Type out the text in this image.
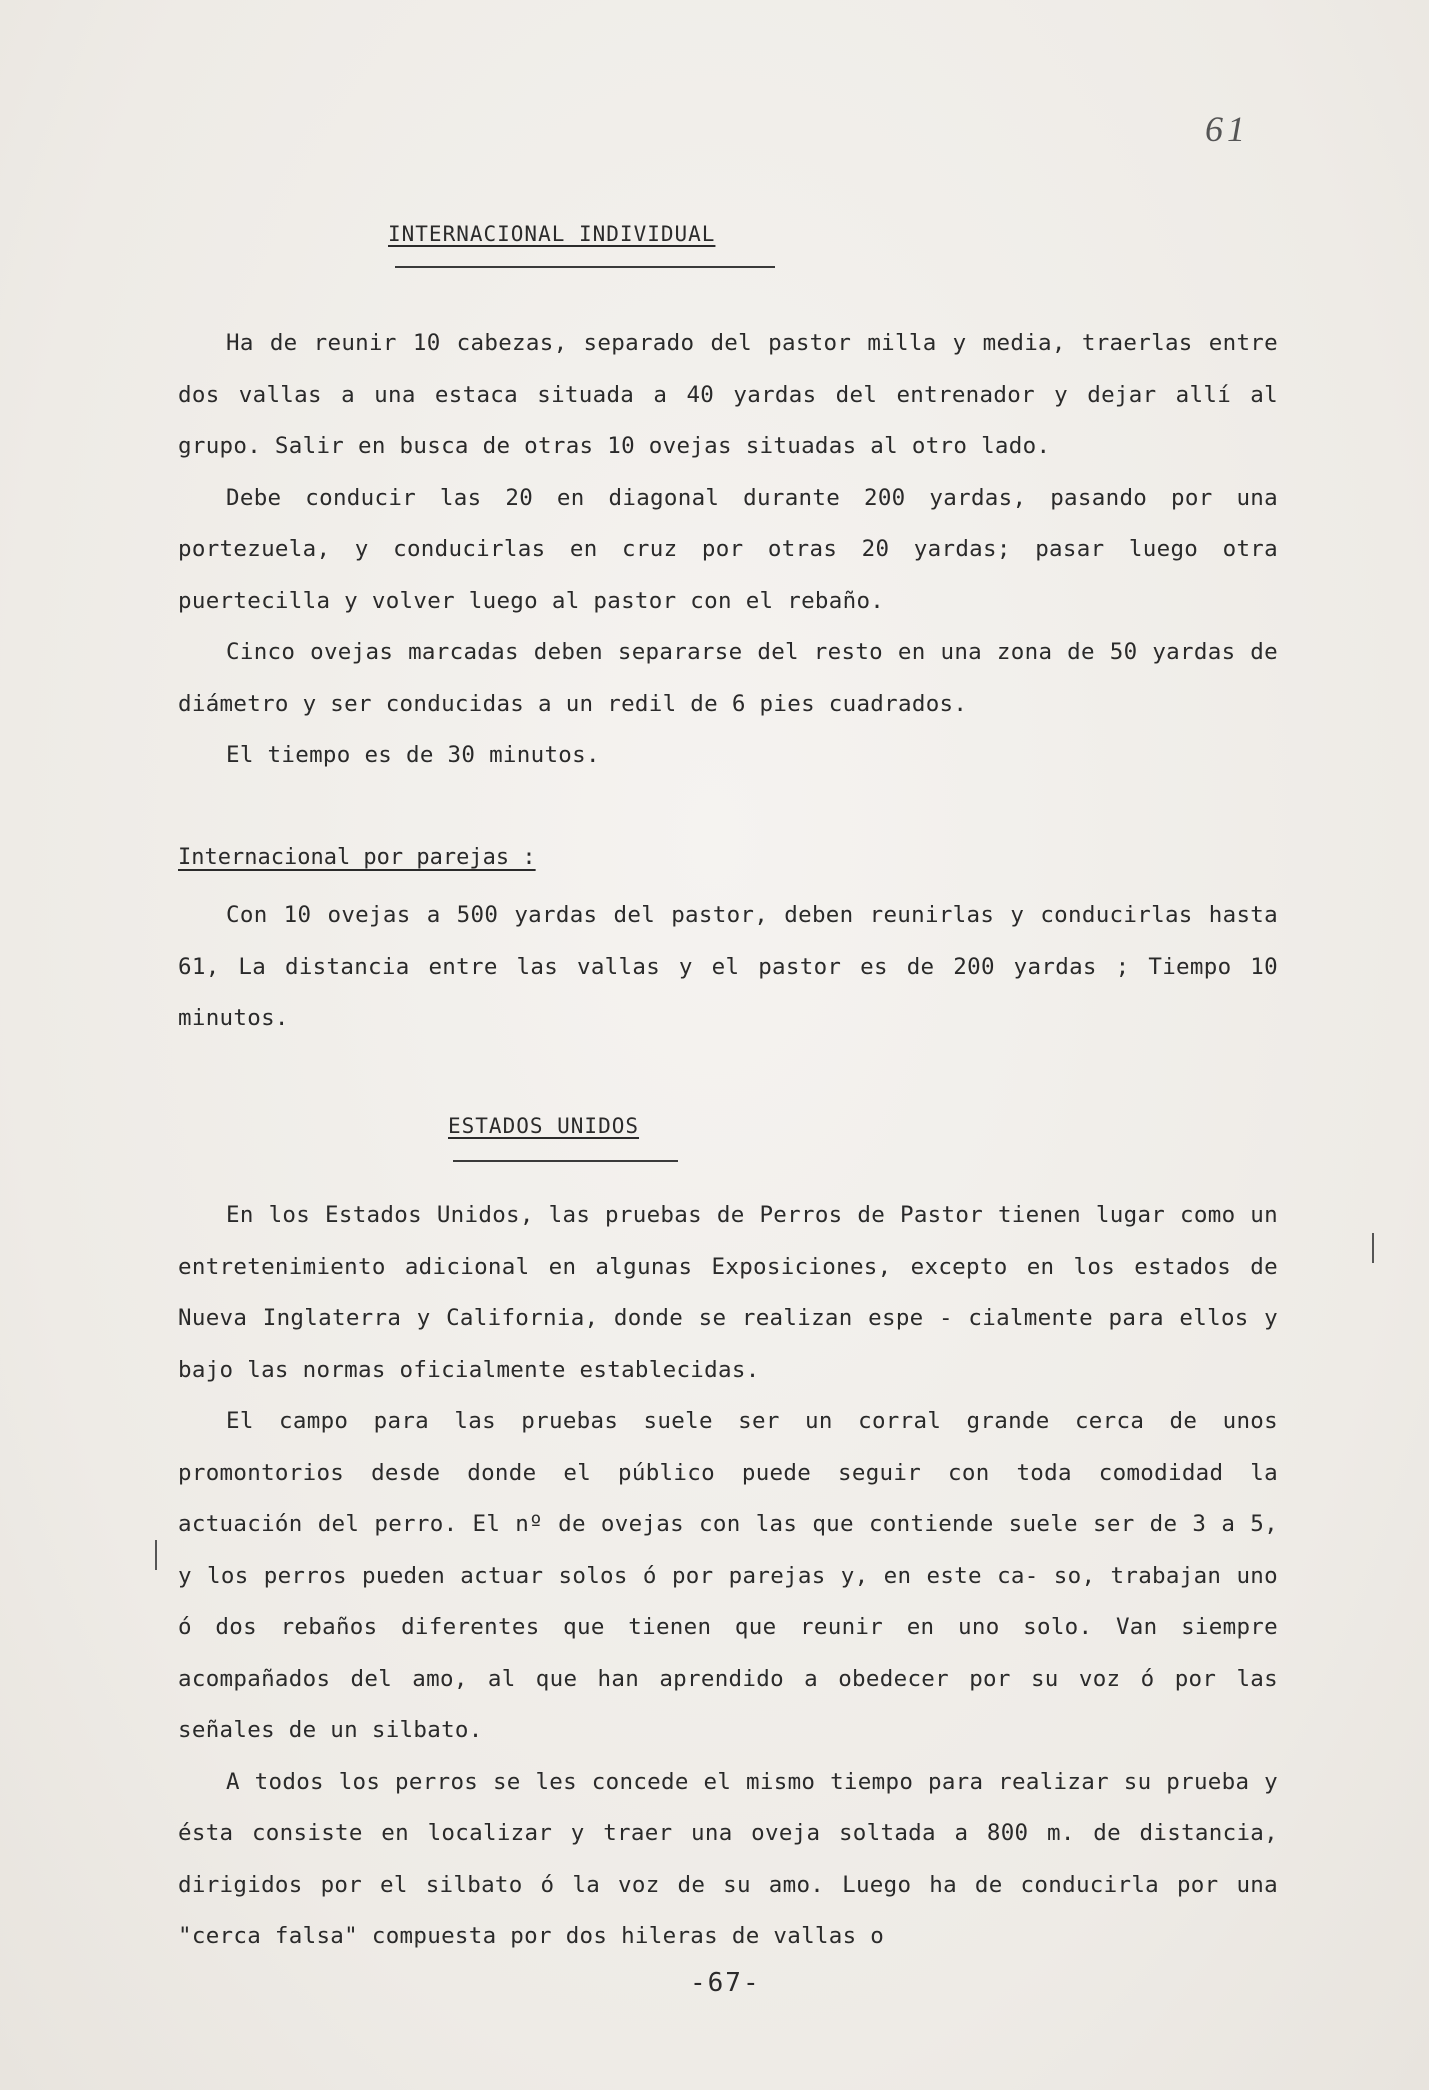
61
INTERNACIONAL INDIVIDUAL

Ha de reunir 10 cabezas, separado del pastor milla y media, traerlas entre dos vallas a una estaca situada a 40 yardas del entrenador y dejar allí al grupo. Salir en busca de otras 10 ovejas situadas al otro lado.

Debe conducir las 20 en diagonal durante 200 yardas, pasando por una portezuela, y conducirlas en cruz por otras 20 yardas; pasar luego otra puertecilla y volver luego al pastor con el rebaño.

Cinco ovejas marcadas deben separarse del resto en una zona de 50 yardas de diámetro y ser conducidas a un redil de 6 pies cuadrados.

El tiempo es de 30 minutos.

Internacional por parejas :

Con 10 ovejas a 500 yardas del pastor, deben reunirlas y conducirlas hasta 61, La distancia entre las vallas y el pastor es de 200 yardas ; Tiempo 10 minutos.

ESTADOS UNIDOS

En los Estados Unidos, las pruebas de Perros de Pastor tienen lugar como un entretenimiento adicional en algunas Exposiciones, excepto en los estados de Nueva Inglaterra y California, donde se realizan espe - cialmente para ellos y bajo las normas oficialmente establecidas.

El campo para las pruebas suele ser un corral grande cerca de unos promontorios desde donde el público puede seguir con toda comodidad la actuación del perro. El nº de ovejas con las que contiende suele ser de 3 a 5, y los perros pueden actuar solos ó por parejas y, en este ca- so, trabajan uno ó dos rebaños diferentes que tienen que reunir en uno solo. Van siempre acompañados del amo, al que han aprendido a obedecer por su voz ó por las señales de un silbato.

A todos los perros se les concede el mismo tiempo para realizar su prueba y ésta consiste en localizar y traer una oveja soltada a 800 m. de distancia, dirigidos por el silbato ó la voz de su amo. Luego ha de conducirla por una "cerca falsa" compuesta por dos hileras de vallas o

-67-
